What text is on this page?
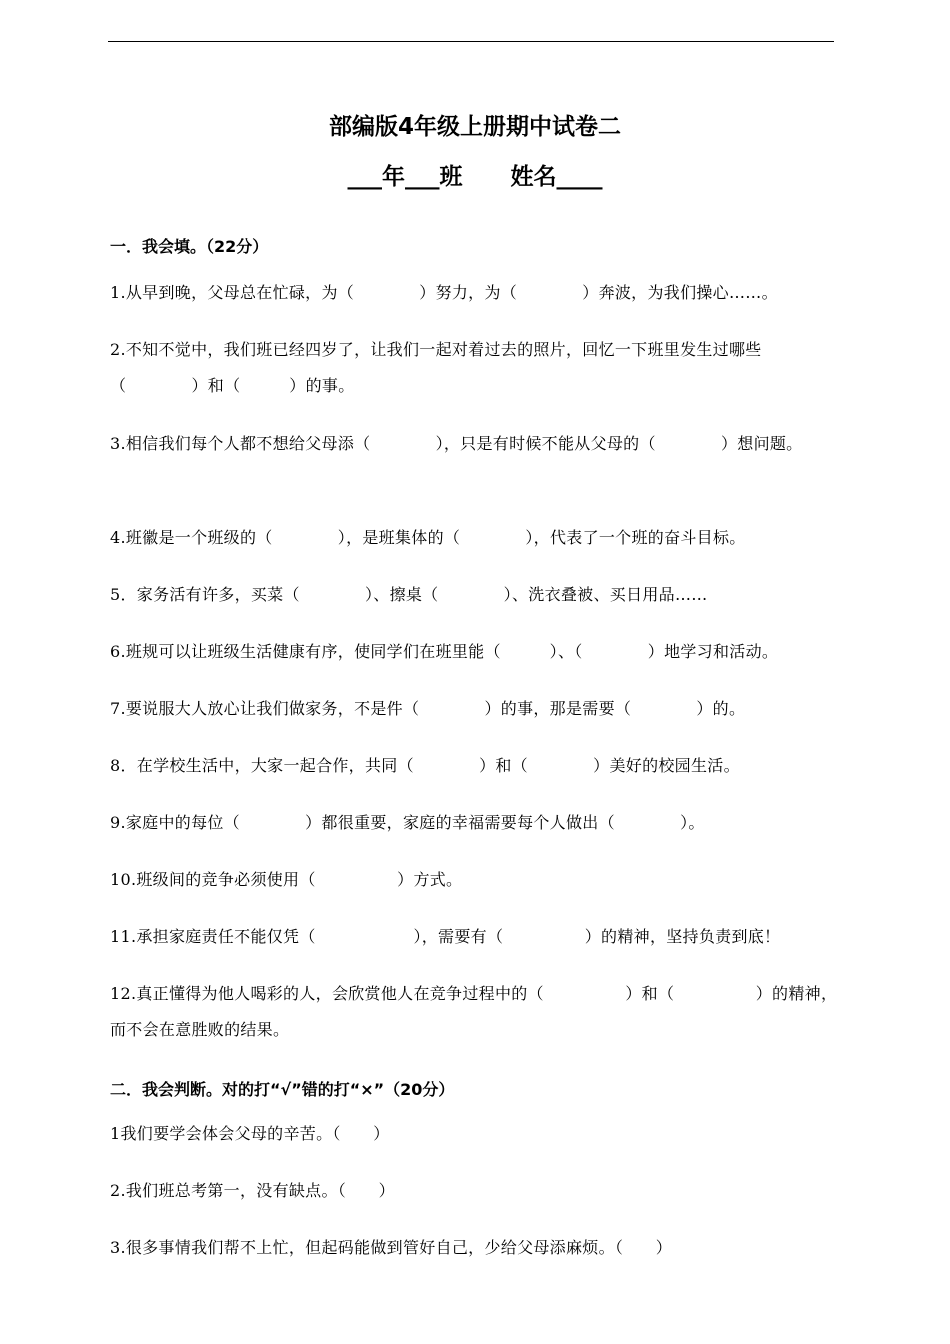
部编版4年级上册期中试卷二
___年___班      姓名____
一．我会填。（22分）
1.从早到晚，父母总在忙碌，为（　　　　）努力，为（　　　　）奔波，为我们操心……。
2.不知不觉中，我们班已经四岁了，让我们一起对着过去的照片，回忆一下班里发生过哪些（　　　　）和（　　　）的事。
3.相信我们每个人都不想给父母添（　　　　），只是有时候不能从父母的（　　　　）想问题。
4.班徽是一个班级的（　　　　），是班集体的（　　　　），代表了一个班的奋斗目标。
5．家务活有许多，买菜（　　　　）、擦桌（　　　　）、洗衣叠被、买日用品……
6.班规可以让班级生活健康有序，使同学们在班里能（　　　）、（　　　　）地学习和活动。
7.要说服大人放心让我们做家务，不是件（　　　　）的事，那是需要（　　　　）的。
8．在学校生活中，大家一起合作，共同（　　　　）和（　　　　）美好的校园生活。
9.家庭中的每位（　　　　）都很重要，家庭的幸福需要每个人做出（　　　　）。
10.班级间的竞争必须使用（　　　　　）方式。
11.承担家庭责任不能仅凭（　　　　　　），需要有（　　　　　）的精神，坚持负责到底！
12.真正懂得为他人喝彩的人，会欣赏他人在竞争过程中的（　　　　　）和（　　　　　）的精神，而不会在意胜败的结果。
二．我会判断。对的打“√”错的打“×”（20分）
1我们要学会体会父母的辛苦。（　　）
2.我们班总考第一，没有缺点。（　　）
3.很多事情我们帮不上忙，但起码能做到管好自己，少给父母添麻烦。（　　）
